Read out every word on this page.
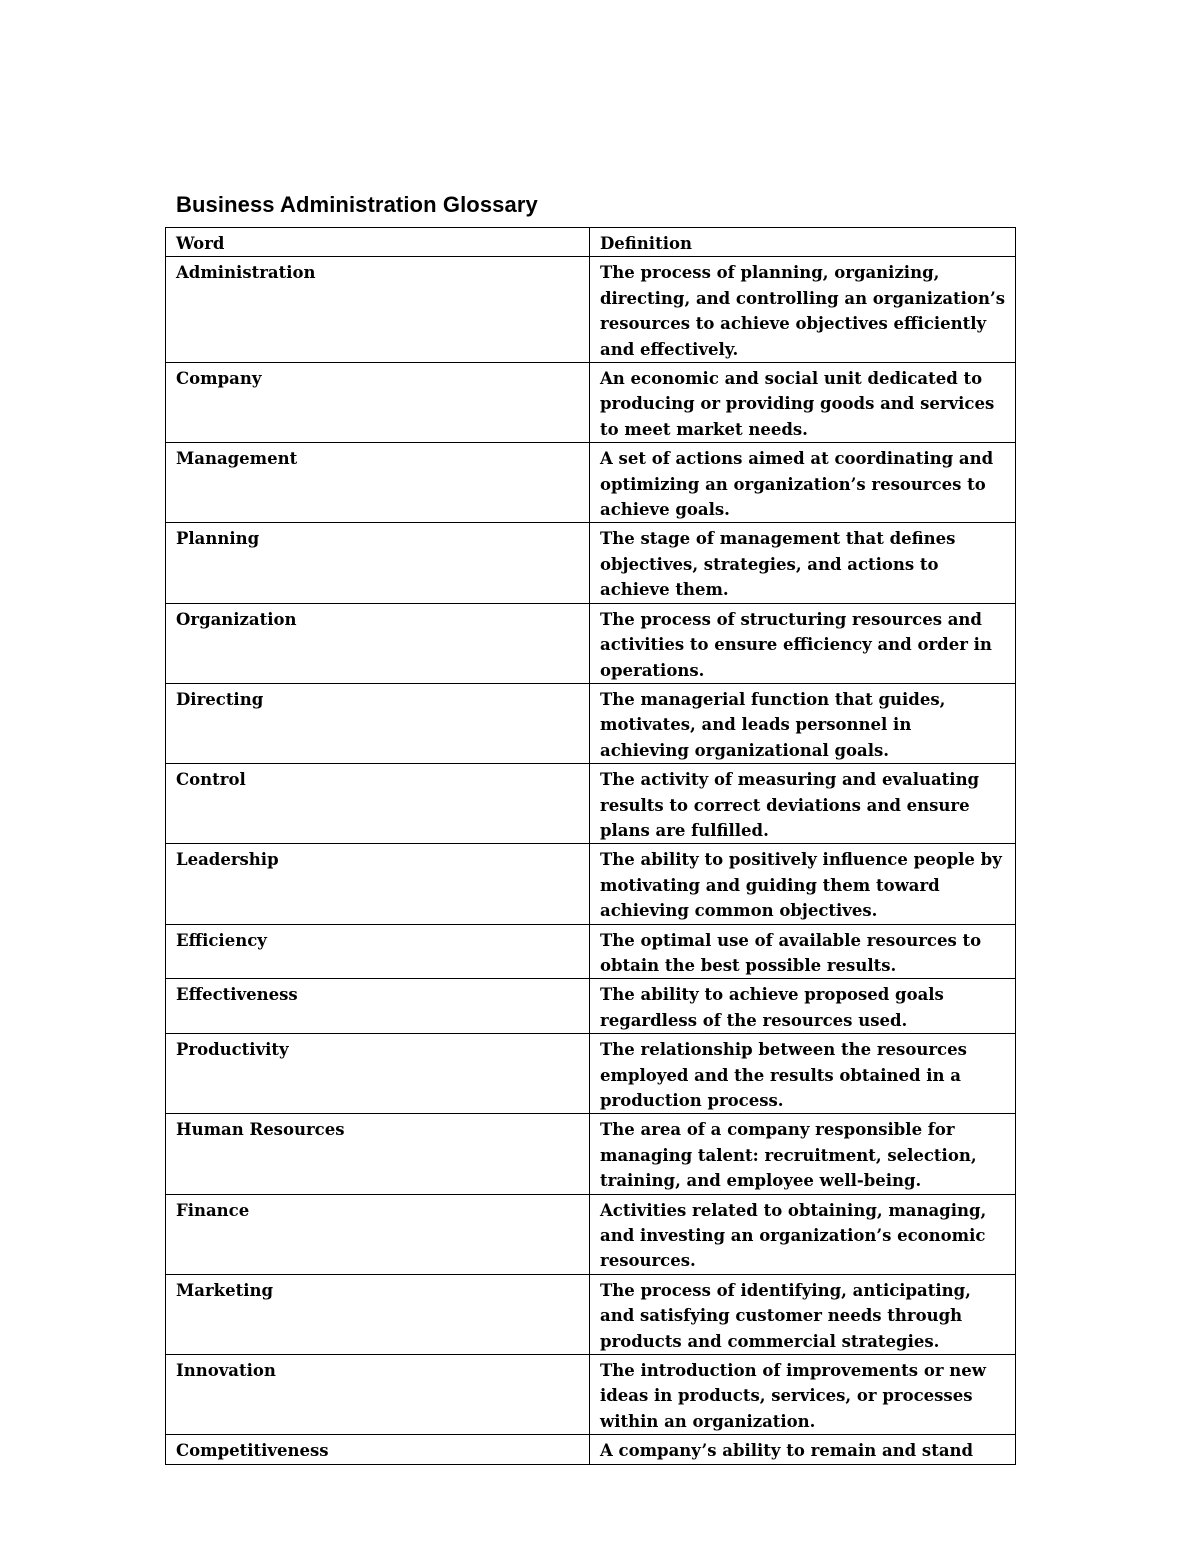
Business Administration Glossary
Word	Definition
Administration	The process of planning, organizing, directing, and controlling an organization’s resources to achieve objectives efficiently and effectively.
Company	An economic and social unit dedicated to producing or providing goods and services to meet market needs.
Management	A set of actions aimed at coordinating and optimizing an organization’s resources to achieve goals.
Planning	The stage of management that defines objectives, strategies, and actions to achieve them.
Organization	The process of structuring resources and activities to ensure efficiency and order in operations.
Directing	The managerial function that guides, motivates, and leads personnel in achieving organizational goals.
Control	The activity of measuring and evaluating results to correct deviations and ensure plans are fulfilled.
Leadership	The ability to positively influence people by motivating and guiding them toward achieving common objectives.
Efficiency	The optimal use of available resources to obtain the best possible results.
Effectiveness	The ability to achieve proposed goals regardless of the resources used.
Productivity	The relationship between the resources employed and the results obtained in a production process.
Human Resources	The area of a company responsible for managing talent: recruitment, selection, training, and employee well-being.
Finance	Activities related to obtaining, managing, and investing an organization’s economic resources.
Marketing	The process of identifying, anticipating, and satisfying customer needs through products and commercial strategies.
Innovation	The introduction of improvements or new ideas in products, services, or processes within an organization.
Competitiveness	A company’s ability to remain and stand
